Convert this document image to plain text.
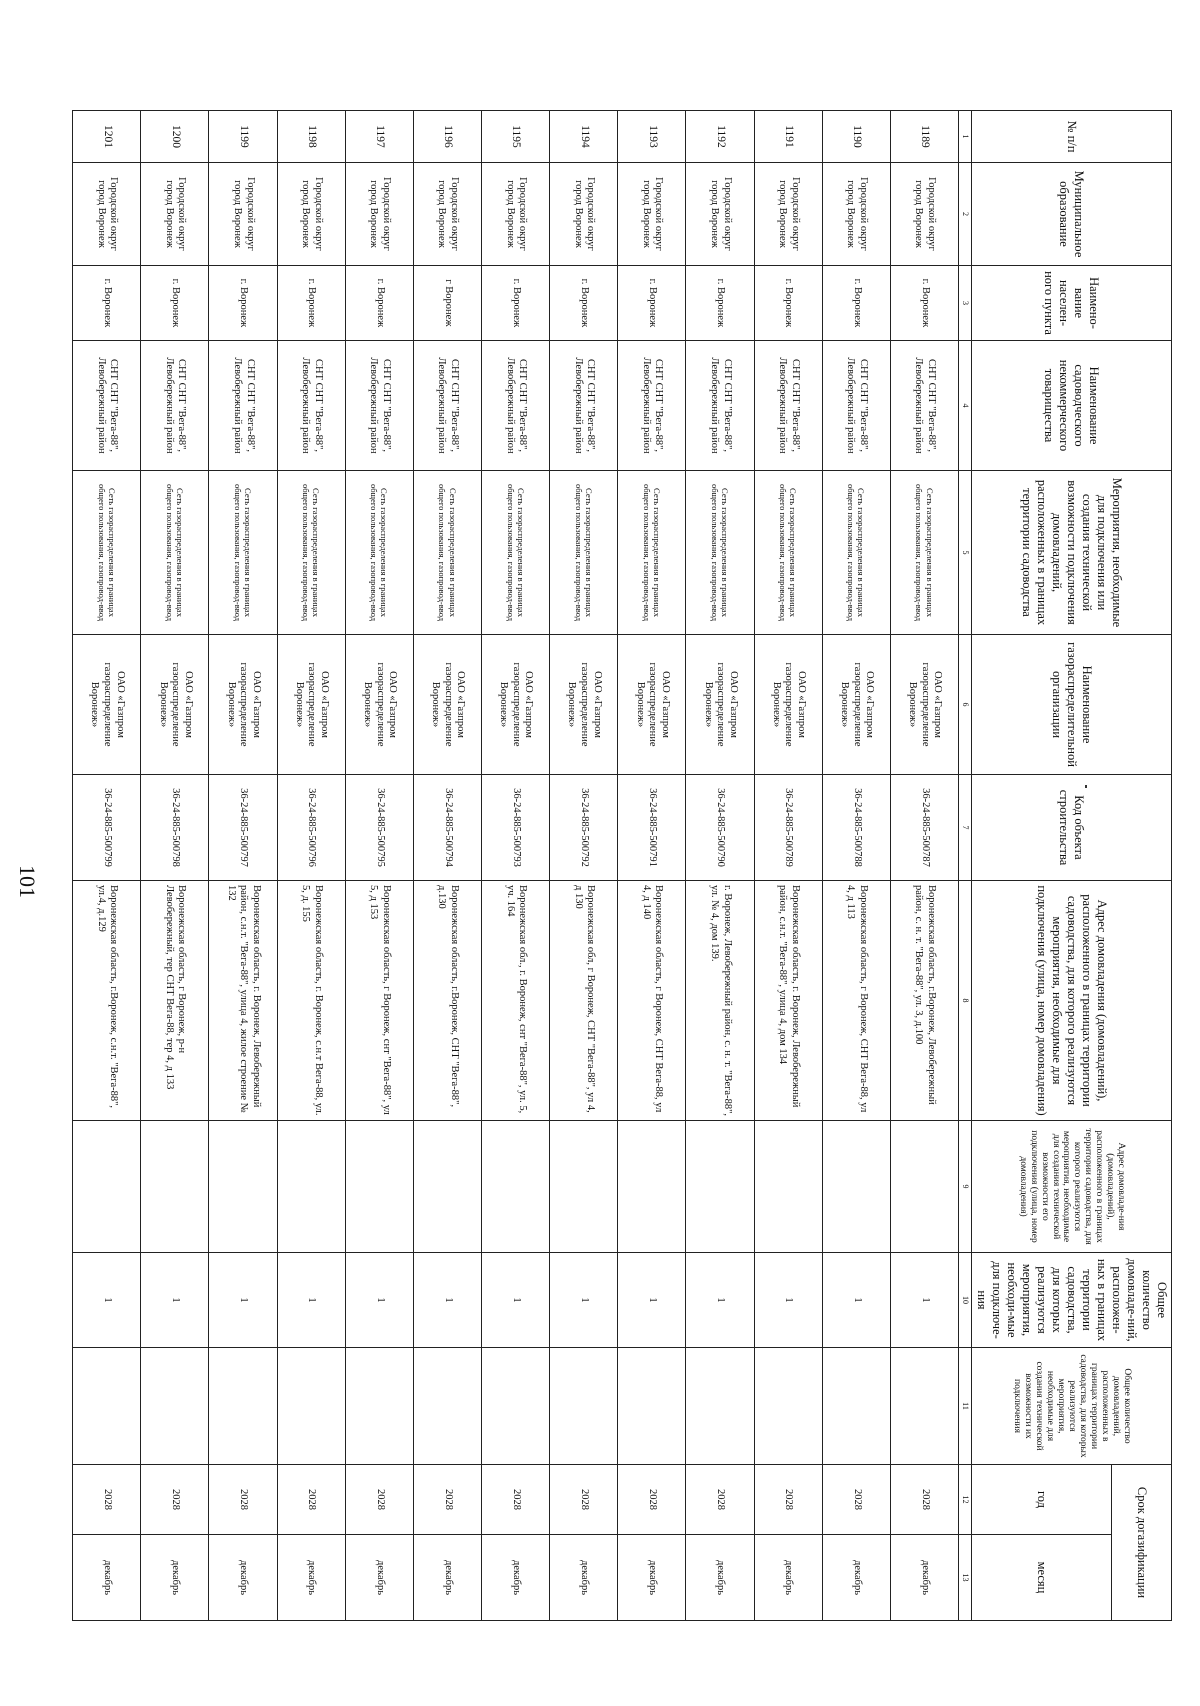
101
№ п/п	Муниципальное образование	Наимено-вание населен-ного пункта	Наименование садоводческого некоммерческого товарищества	Мероприятия, необходимые для подключения или создания технической возможности подключения домовладений, расположенных в границах территории садоводства	Наименование газораспределительной организации	Код объекта строительства	Адрес домовладения (домовладений), расположенного в границах территории садоводства, для которого реализуются мероприятия, необходимые для подключения (улица, номер домовладения)	Адрес домовладе-ния (домовладений), расположенного в границах территории садоводства, для которого реализуются мероприятия, необходимые для создания технической возможности его подключения (улица, номер домовладения)	Общее количество домовладе-ний, расположен-ных в границах территории садоводства, для которых реализуются мероприятия, необходи-мые для подключе-ния	Общее количество домовладений, расположенных в границах территории садоводства, для которых реализуются мероприятия, необходимые для создания технической возможности их подключения	Срок догазификации	
											год	месяц
1	2	3	4	5	6	7	8	9	10	11	12	13
1189	Городской округ город Воронеж	г. Воронеж	СНТ СНТ "Вега-88", Левобережный район	Сеть газораспределения в границах общего пользования, газопровод-ввод	ОАО «Газпром газораспределение Воронеж»	36-24-885-500787	Воронежская область, г.Воронеж, Левобережный район, с. н. т. "Вега-88", ул. 3, д.100		1		2028	декабрь
1190	Городской округ город Воронеж	г. Воронеж	СНТ СНТ "Вега-88", Левобережный район	Сеть газораспределения в границах общего пользования, газопровод-ввод	ОАО «Газпром газораспределение Воронеж»	36-24-885-500788	Воронежская область, г Воронеж, СНТ Вега-88, ул 4, д 113		1		2028	декабрь
1191	Городской округ город Воронеж	г. Воронеж	СНТ СНТ "Вега-88", Левобережный район	Сеть газораспределения в границах общего пользования, газопровод-ввод	ОАО «Газпром газораспределение Воронеж»	36-24-885-500789	Воронежская область, г. Воронеж, Левобережный район, с.н.т. "Вега-88", улица 4, дом 134		1		2028	декабрь
1192	Городской округ город Воронеж	г. Воронеж	СНТ СНТ "Вега-88", Левобережный район	Сеть газораспределения в границах общего пользования, газопровод-ввод	ОАО «Газпром газораспределение Воронеж»	36-24-885-500790	г. Воронеж, Левобережный район, с. н. т. "Вега-88", ул. № 4, дом 139.		1		2028	декабрь
1193	Городской округ город Воронеж	г. Воронеж	СНТ СНТ "Вега-88", Левобережный район	Сеть газораспределения в границах общего пользования, газопровод-ввод	ОАО «Газпром газораспределение Воронеж»	36-24-885-500791	Воронежская область, г Воронеж, СНТ Вега-88, ул 4, д 140		1		2028	декабрь
1194	Городской округ город Воронеж	г. Воронеж	СНТ СНТ "Вега-88", Левобережный район	Сеть газораспределения в границах общего пользования, газопровод-ввод	ОАО «Газпром газораспределение Воронеж»	36-24-885-500792	Воронежская обл, г Воронеж, СНТ "Вега-88", ул 4, д 130		1		2028	декабрь
1195	Городской округ город Воронеж	г. Воронеж	СНТ СНТ "Вега-88", Левобережный район	Сеть газораспределения в границах общего пользования, газопровод-ввод	ОАО «Газпром газораспределение Воронеж»	36-24-885-500793	Воронежская обл., г. Воронеж, снт "Вега-88", ул. 5, уч. 164		1		2028	декабрь
1196	Городской округ город Воронеж	г Воронеж	СНТ СНТ "Вега-88", Левобережный район	Сеть газораспределения в границах общего пользования, газопровод-ввод	ОАО «Газпром газораспределение Воронеж»	36-24-885-500794	Воронежская область, г.Воронеж, СНТ "Вега-88", д.130		1		2028	декабрь
1197	Городской округ город Воронеж	г. Воронеж	СНТ СНТ "Вега-88", Левобережный район	Сеть газораспределения в границах общего пользования, газопровод-ввод	ОАО «Газпром газораспределение Воронеж»	36-24-885-500795	Воронежская область, г Воронеж, снт "Вега-88", ул 5, д 153		1		2028	декабрь
1198	Городской округ город Воронеж	г. Воронеж	СНТ СНТ "Вега-88", Левобережный район	Сеть газораспределения в границах общего пользования, газопровод-ввод	ОАО «Газпром газораспределение Воронеж»	36-24-885-500796	Воронежская область, г. Воронеж, с.н.т Вега-88, ул. 5, д. 155		1		2028	декабрь
1199	Городской округ город Воронеж	г. Воронеж	СНТ СНТ "Вега-88", Левобережный район	Сеть газораспределения в границах общего пользования, газопровод-ввод	ОАО «Газпром газораспределение Воронеж»	36-24-885-500797	Воронежская область, г. Воронеж, Левобережный район, с.н.т. "Вега-88", улица 4, жилое строение № 132		1		2028	декабрь
1200	Городской округ город Воронеж	г. Воронеж	СНТ СНТ "Вега-88", Левобережный район	Сеть газораспределения в границах общего пользования, газопровод-ввод	ОАО «Газпром газораспределение Воронеж»	36-24-885-500798	Воронежская область, г Воронеж, р-н Левобережный, тер СНТ Вега-88, тер 4, д 133		1		2028	декабрь
1201	Городской округ город Воронеж	г. Воронеж	СНТ СНТ "Вега-88", Левобережный район	Сеть газораспределения в границах общего пользования, газопровод-ввод	ОАО «Газпром газораспределение Воронеж»	36-24-885-500799	Воронежская область, г.Воронеж, с.н.т. "Вега-88", ул.4, д.129		1		2028	декабрь
